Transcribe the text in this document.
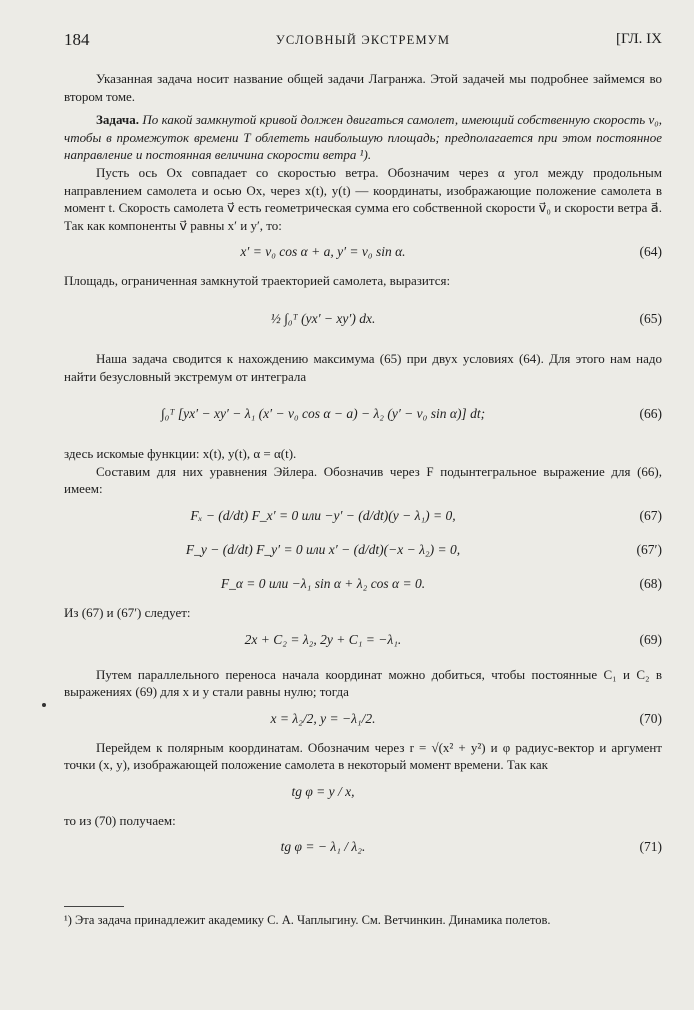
184	УСЛОВНЫЙ ЭКСТРЕМУМ	[ГЛ. IX

Указанная задача носит название общей задачи Лагранжа. Этой задачей мы подробнее займемся во втором томе.

Задача. По какой замкнутой кривой должен двигаться самолет, имеющий собственную скорость v₀, чтобы в промежуток времени T облететь наибольшую площадь; предполагается при этом постоянное направление и постоянная величина скорости ветра ¹).

Пусть ось Ox совпадает со скоростью ветра. Обозначим через α угол между продольным направлением самолета и осью Ox, через x(t), y(t) — координаты, изображающие положение самолета в момент t. Скорость самолета v⃗ есть геометрическая сумма его собственной скорости v⃗₀ и скорости ветра a⃗. Так как компоненты v⃗ равны x′ и y′, то:

x′ = v₀ cos α + a, y′ = v₀ sin α.	(64)

Площадь, ограниченная замкнутой траекторией самолета, выразится:

½ ∫₀ᵀ (yx′ − xy′) dx.	(65)

Наша задача сводится к нахождению максимума (65) при двух условиях (64). Для этого нам надо найти безусловный экстремум от интеграла

∫₀ᵀ [yx′ − xy′ − λ₁ (x′ − v₀ cos α − a) − λ₂ (y′ − v₀ sin α)] dt;	(66)

здесь искомые функции: x(t), y(t), α = α(t).

Составим для них уравнения Эйлера. Обозначив через F подынтегральное выражение для (66), имеем:

Fₓ − (d/dt) F_x′ = 0 или −y′ − (d/dt)(y − λ₁) = 0,	(67)
F_y − (d/dt) F_y′ = 0 или x′ − (d/dt)(−x − λ₂) = 0,	(67′)
F_α = 0 или −λ₁ sin α + λ₂ cos α = 0.	(68)

Из (67) и (67′) следует:

2x + C₂ = λ₂, 2y + C₁ = −λ₁.	(69)

Путем параллельного переноса начала координат можно добиться, чтобы постоянные C₁ и C₂ в выражениях (69) для x и y стали равны нулю; тогда

x = λ₂/2, y = −λ₁/2.	(70)

Перейдем к полярным координатам. Обозначим через r = √(x² + y²) и φ радиус-вектор и аргумент точки (x, y), изображающей положение самолета в некоторый момент времени. Так как

tg φ = y / x,

то из (70) получаем:

tg φ = − λ₁ / λ₂.	(71)
¹) Эта задача принадлежит академику С. А. Чаплыгину. См. Ветчинкин. Динамика полетов.
